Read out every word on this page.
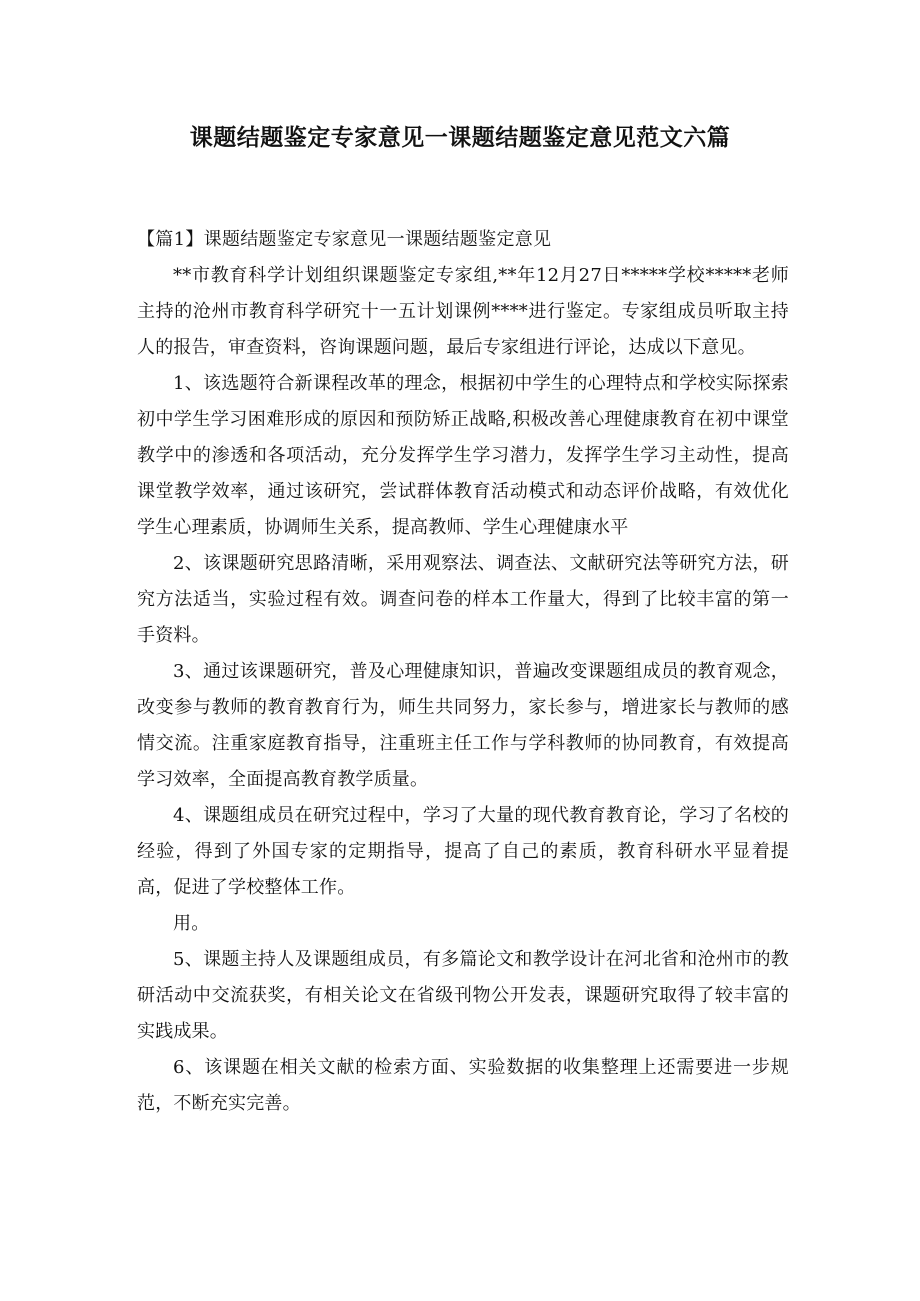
课题结题鉴定专家意见一课题结题鉴定意见范文六篇

【篇1】课题结题鉴定专家意见一课题结题鉴定意见

**市教育科学计划组织课题鉴定专家组,**年12月27日*****学校*****老师主持的沧州市教育科学研究十一五计划课例****进行鉴定。专家组成员听取主持人的报告，审查资料，咨询课题问题，最后专家组进行评论，达成以下意见。

1、该选题符合新课程改革的理念，根据初中学生的心理特点和学校实际探索初中学生学习困难形成的原因和预防矫正战略,积极改善心理健康教育在初中课堂教学中的渗透和各项活动，充分发挥学生学习潜力，发挥学生学习主动性，提高课堂教学效率，通过该研究，尝试群体教育活动模式和动态评价战略，有效优化学生心理素质，协调师生关系，提高教师、学生心理健康水平

2、该课题研究思路清晰，采用观察法、调查法、文献研究法等研究方法，研究方法适当，实验过程有效。调查问卷的样本工作量大，得到了比较丰富的第一手资料。

3、通过该课题研究，普及心理健康知识，普遍改变课题组成员的教育观念，改变参与教师的教育教育行为，师生共同努力，家长参与，增进家长与教师的感情交流。注重家庭教育指导，注重班主任工作与学科教师的协同教育，有效提高学习效率，全面提高教育教学质量。

4、课题组成员在研究过程中，学习了大量的现代教育教育论，学习了名校的经验，得到了外国专家的定期指导，提高了自己的素质，教育科研水平显着提高，促进了学校整体工作。

用。

5、课题主持人及课题组成员，有多篇论文和教学设计在河北省和沧州市的教研活动中交流获奖，有相关论文在省级刊物公开发表，课题研究取得了较丰富的实践成果。

6、该课题在相关文献的检索方面、实验数据的收集整理上还需要进一步规范，不断充实完善。
